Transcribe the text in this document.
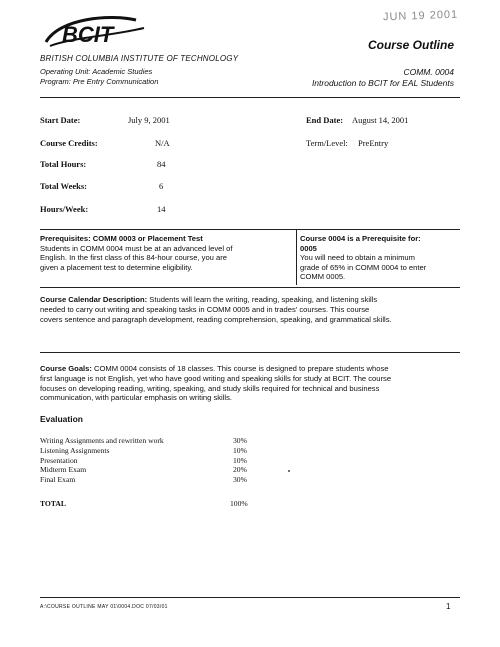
JUN 19 2001
BCIT
BRITISH COLUMBIA INSTITUTE OF TECHNOLOGY
Operating Unit: Academic Studies
Program: Pre Entry Communication
Course Outline
COMM. 0004
Introduction to BCIT for EAL Students
Start Date:	July 9, 2001	End Date: August 14, 2001
Course Credits:	N/A	Term/Level: PreEntry
Total Hours:	84
Total Weeks:	6
Hours/Week:	14
Prerequisites: COMM 0003 or Placement Test
Students in COMM 0004 must be at an advanced level of
English. In the first class of this 84-hour course, you are
given a placement test to determine eligibility.
Course 0004 is a Prerequisite for:
0005
You will need to obtain a minimum
grade of 65% in COMM 0004 to enter
COMM 0005.
Course Calendar Description: Students will learn the writing, reading, speaking, and listening skills
needed to carry out writing and speaking tasks in COMM 0005 and in trades' courses. This course
covers sentence and paragraph development, reading comprehension, speaking, and grammatical skills.
Course Goals: COMM 0004 consists of 18 classes. This course is designed to prepare students whose
first language is not English, yet who have good writing and speaking skills for study at BCIT. The course
focuses on developing reading, writing, speaking, and study skills required for technical and business
communication, with particular emphasis on writing skills.
Evaluation
Writing Assignments and rewritten work	30%
Listening Assignments	10%
Presentation	10%
Midterm Exam	20%
Final Exam	30%
TOTAL	100%
A:\COURSE OUTLINE MAY 01\0004.DOC 07/03/01	1
